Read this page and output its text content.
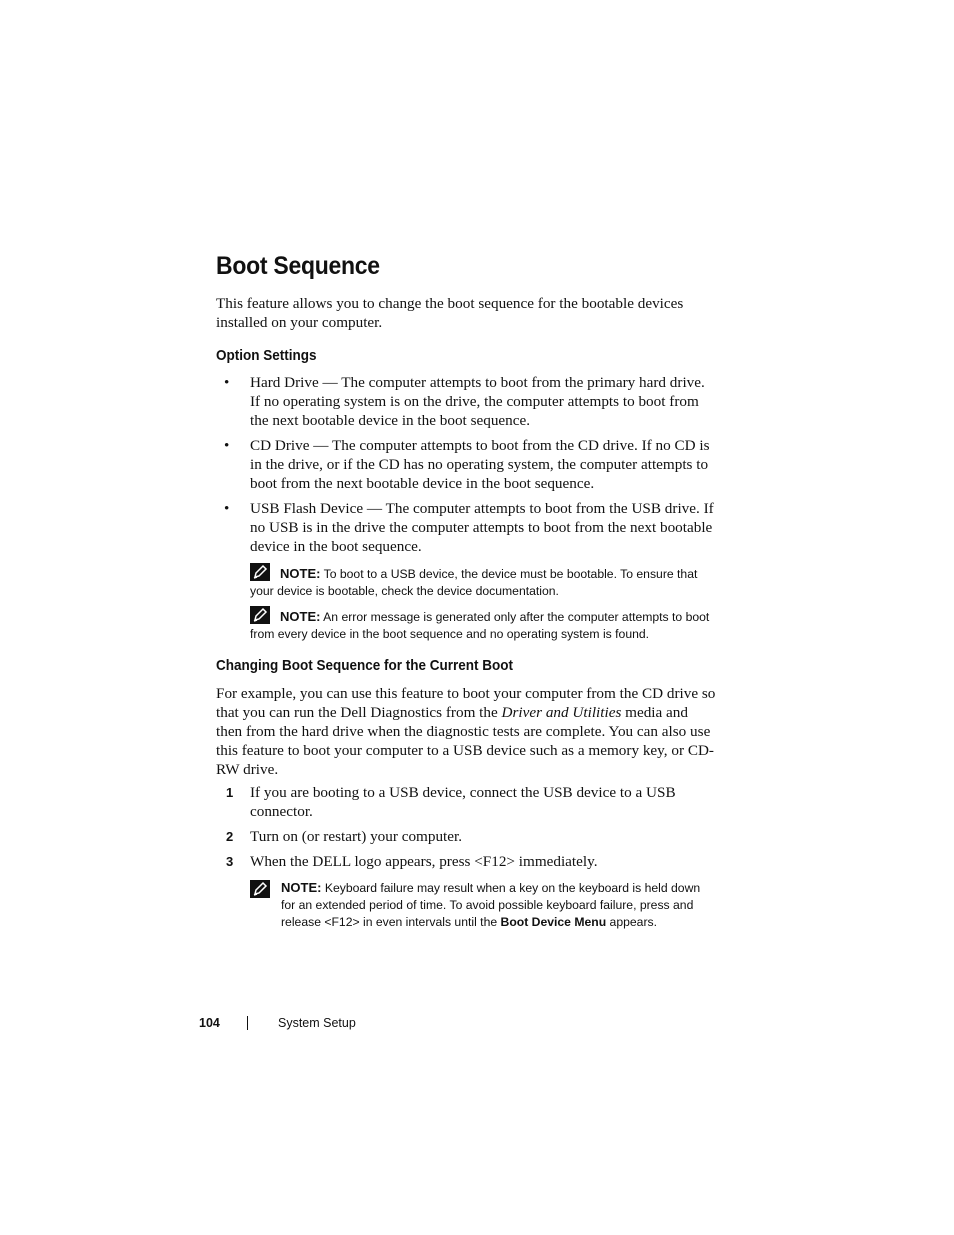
Boot Sequence

This feature allows you to change the boot sequence for the bootable devices installed on your computer.

Option Settings
• Hard Drive — The computer attempts to boot from the primary hard drive. If no operating system is on the drive, the computer attempts to boot from the next bootable device in the boot sequence.
• CD Drive — The computer attempts to boot from the CD drive. If no CD is in the drive, or if the CD has no operating system, the computer attempts to boot from the next bootable device in the boot sequence.
• USB Flash Device — The computer attempts to boot from the USB drive. If no USB is in the drive the computer attempts to boot from the next bootable device in the boot sequence.
NOTE: To boot to a USB device, the device must be bootable. To ensure that your device is bootable, check the device documentation.
NOTE: An error message is generated only after the computer attempts to boot from every device in the boot sequence and no operating system is found.
Changing Boot Sequence for the Current Boot

For example, you can use this feature to boot your computer from the CD drive so that you can run the Dell Diagnostics from the Driver and Utilities media and then from the hard drive when the diagnostic tests are complete. You can also use this feature to boot your computer to a USB device such as a memory key, or CD-RW drive.

1 If you are booting to a USB device, connect the USB device to a USB connector.
2 Turn on (or restart) your computer.
3 When the DELL logo appears, press <F12> immediately.
NOTE: Keyboard failure may result when a key on the keyboard is held down for an extended period of time. To avoid possible keyboard failure, press and release <F12> in even intervals until the Boot Device Menu appears.
104	System Setup
